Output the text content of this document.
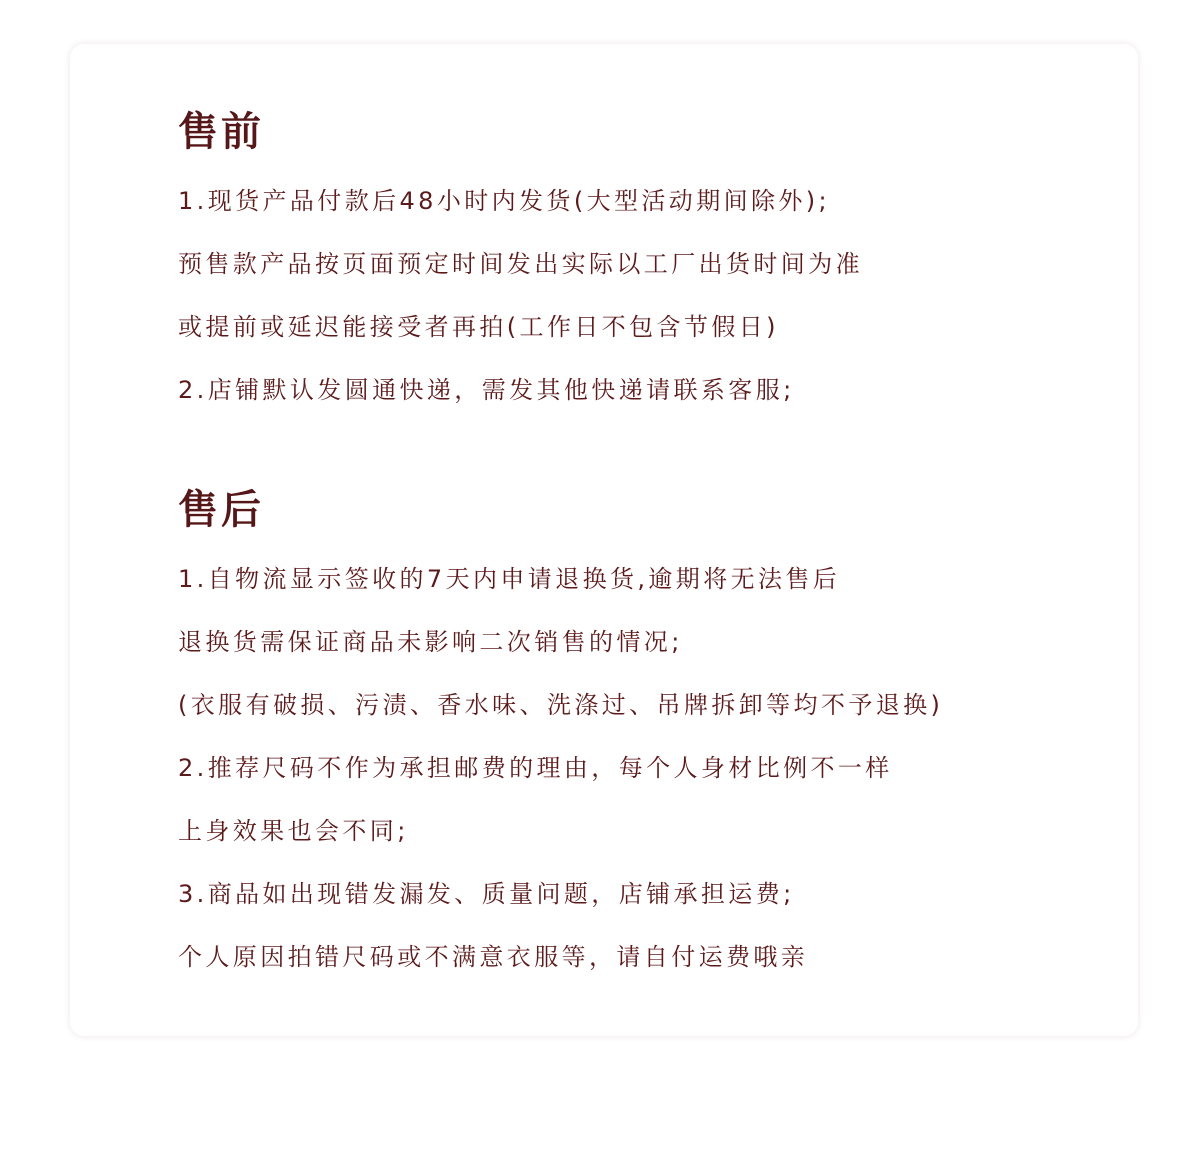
售前

1.现货产品付款后48小时内发货(大型活动期间除外);

预售款产品按页面预定时间发出实际以工厂出货时间为准

或提前或延迟能接受者再拍(工作日不包含节假日)

2.店铺默认发圆通快递，需发其他快递请联系客服;

售后

1.自物流显示签收的7天内申请退换货,逾期将无法售后

退换货需保证商品未影响二次销售的情况;

(衣服有破损、污渍、香水味、洗涤过、吊牌拆卸等均不予退换)

2.推荐尺码不作为承担邮费的理由，每个人身材比例不一样

上身效果也会不同;

3.商品如出现错发漏发、质量问题，店铺承担运费;

个人原因拍错尺码或不满意衣服等，请自付运费哦亲
